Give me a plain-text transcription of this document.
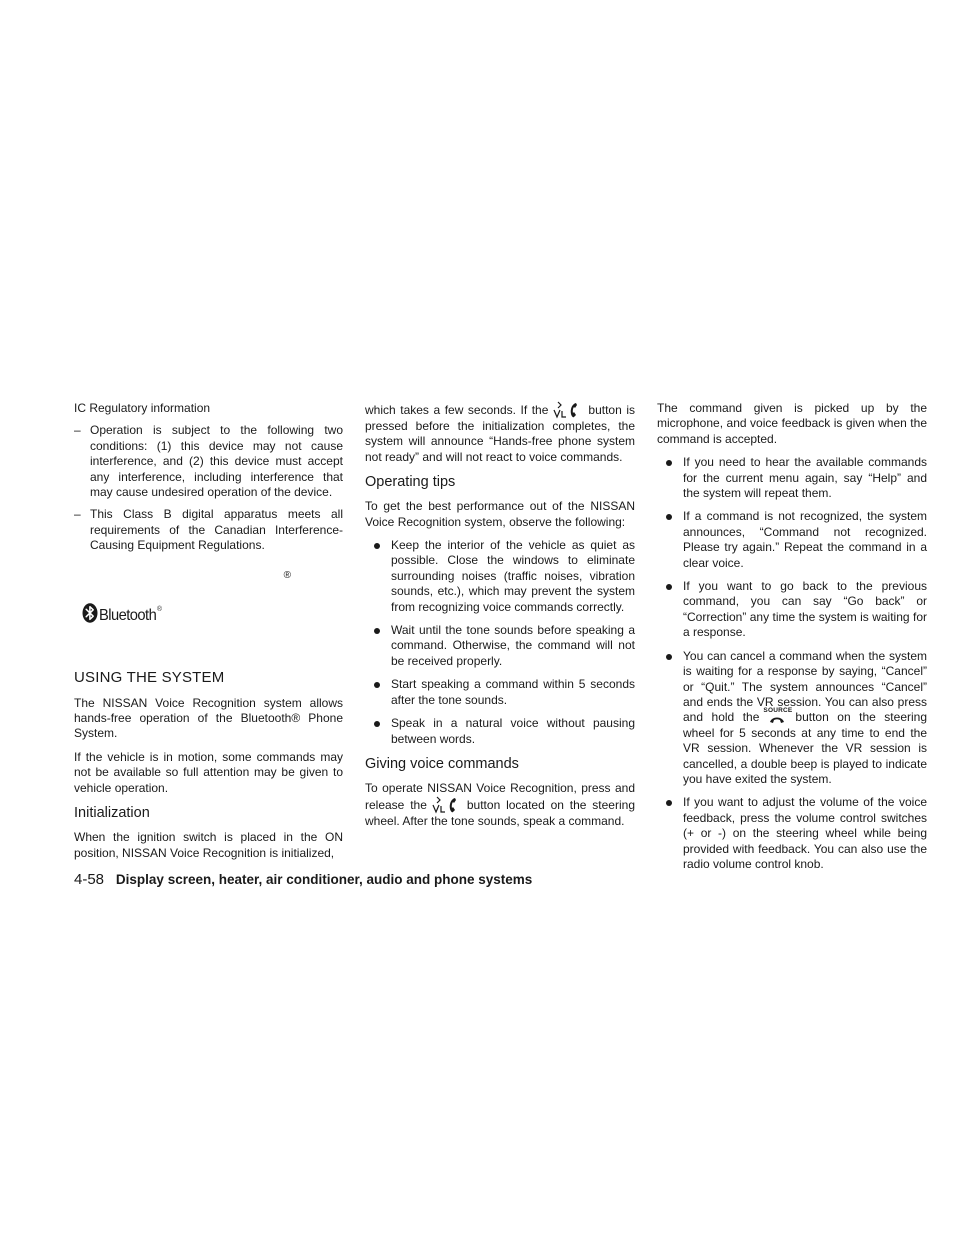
IC Regulatory information
– Operation is subject to the following two conditions: (1) this device may not cause interference, and (2) this device must accept any interference, including interference that may cause undesired operation of the device.
– This Class B digital apparatus meets all requirements of the Canadian Interference-Causing Equipment Regulations.
®
Bluetooth®
USING THE SYSTEM

The NISSAN Voice Recognition system allows hands-free operation of the Bluetooth® Phone System.

If the vehicle is in motion, some commands may not be available so full attention may be given to vehicle operation.

Initialization

When the ignition switch is placed in the ON position, NISSAN Voice Recognition is initialized,

which takes a few seconds. If the	button is pressed before the initialization completes, the system will announce “Hands-free phone system not ready” and will not react to voice commands.

Operating tips

To get the best performance out of the NISSAN Voice Recognition system, observe the following:

Keep the interior of the vehicle as quiet as possible. Close the windows to eliminate surrounding noises (traffic noises, vibration sounds, etc.), which may prevent the system from recognizing voice commands correctly.
Wait until the tone sounds before speaking a command. Otherwise, the command will not be received properly.
Start speaking a command within 5 seconds after the tone sounds.
Speak in a natural voice without pausing between words.
Giving voice commands

To operate NISSAN Voice Recognition, press and release the	button located on the steering wheel. After the tone sounds, speak a command.

The command given is picked up by the microphone, and voice feedback is given when the command is accepted.

If you need to hear the available commands for the current menu again, say “Help” and the system will repeat them.
If a command is not recognized, the system announces, “Command not recognized. Please try again.” Repeat the command in a clear voice.
If you want to go back to the previous command, you can say “Go back” or “Correction” any time the system is waiting for a response.
You can cancel a command when the system is waiting for a response by saying, “Cancel” or “Quit.” The system announces “Cancel” and ends the VR session. You can also press and hold the SOURCE button on the steering wheel for 5 seconds at any time to end the VR session. Whenever the VR session is cancelled, a double beep is played to indicate you have exited the system.
If you want to adjust the volume of the voice feedback, press the volume control switches (+ or -) on the steering wheel while being provided with feedback. You can also use the radio volume control knob.
4-58 Display screen, heater, air conditioner, audio and phone systems
